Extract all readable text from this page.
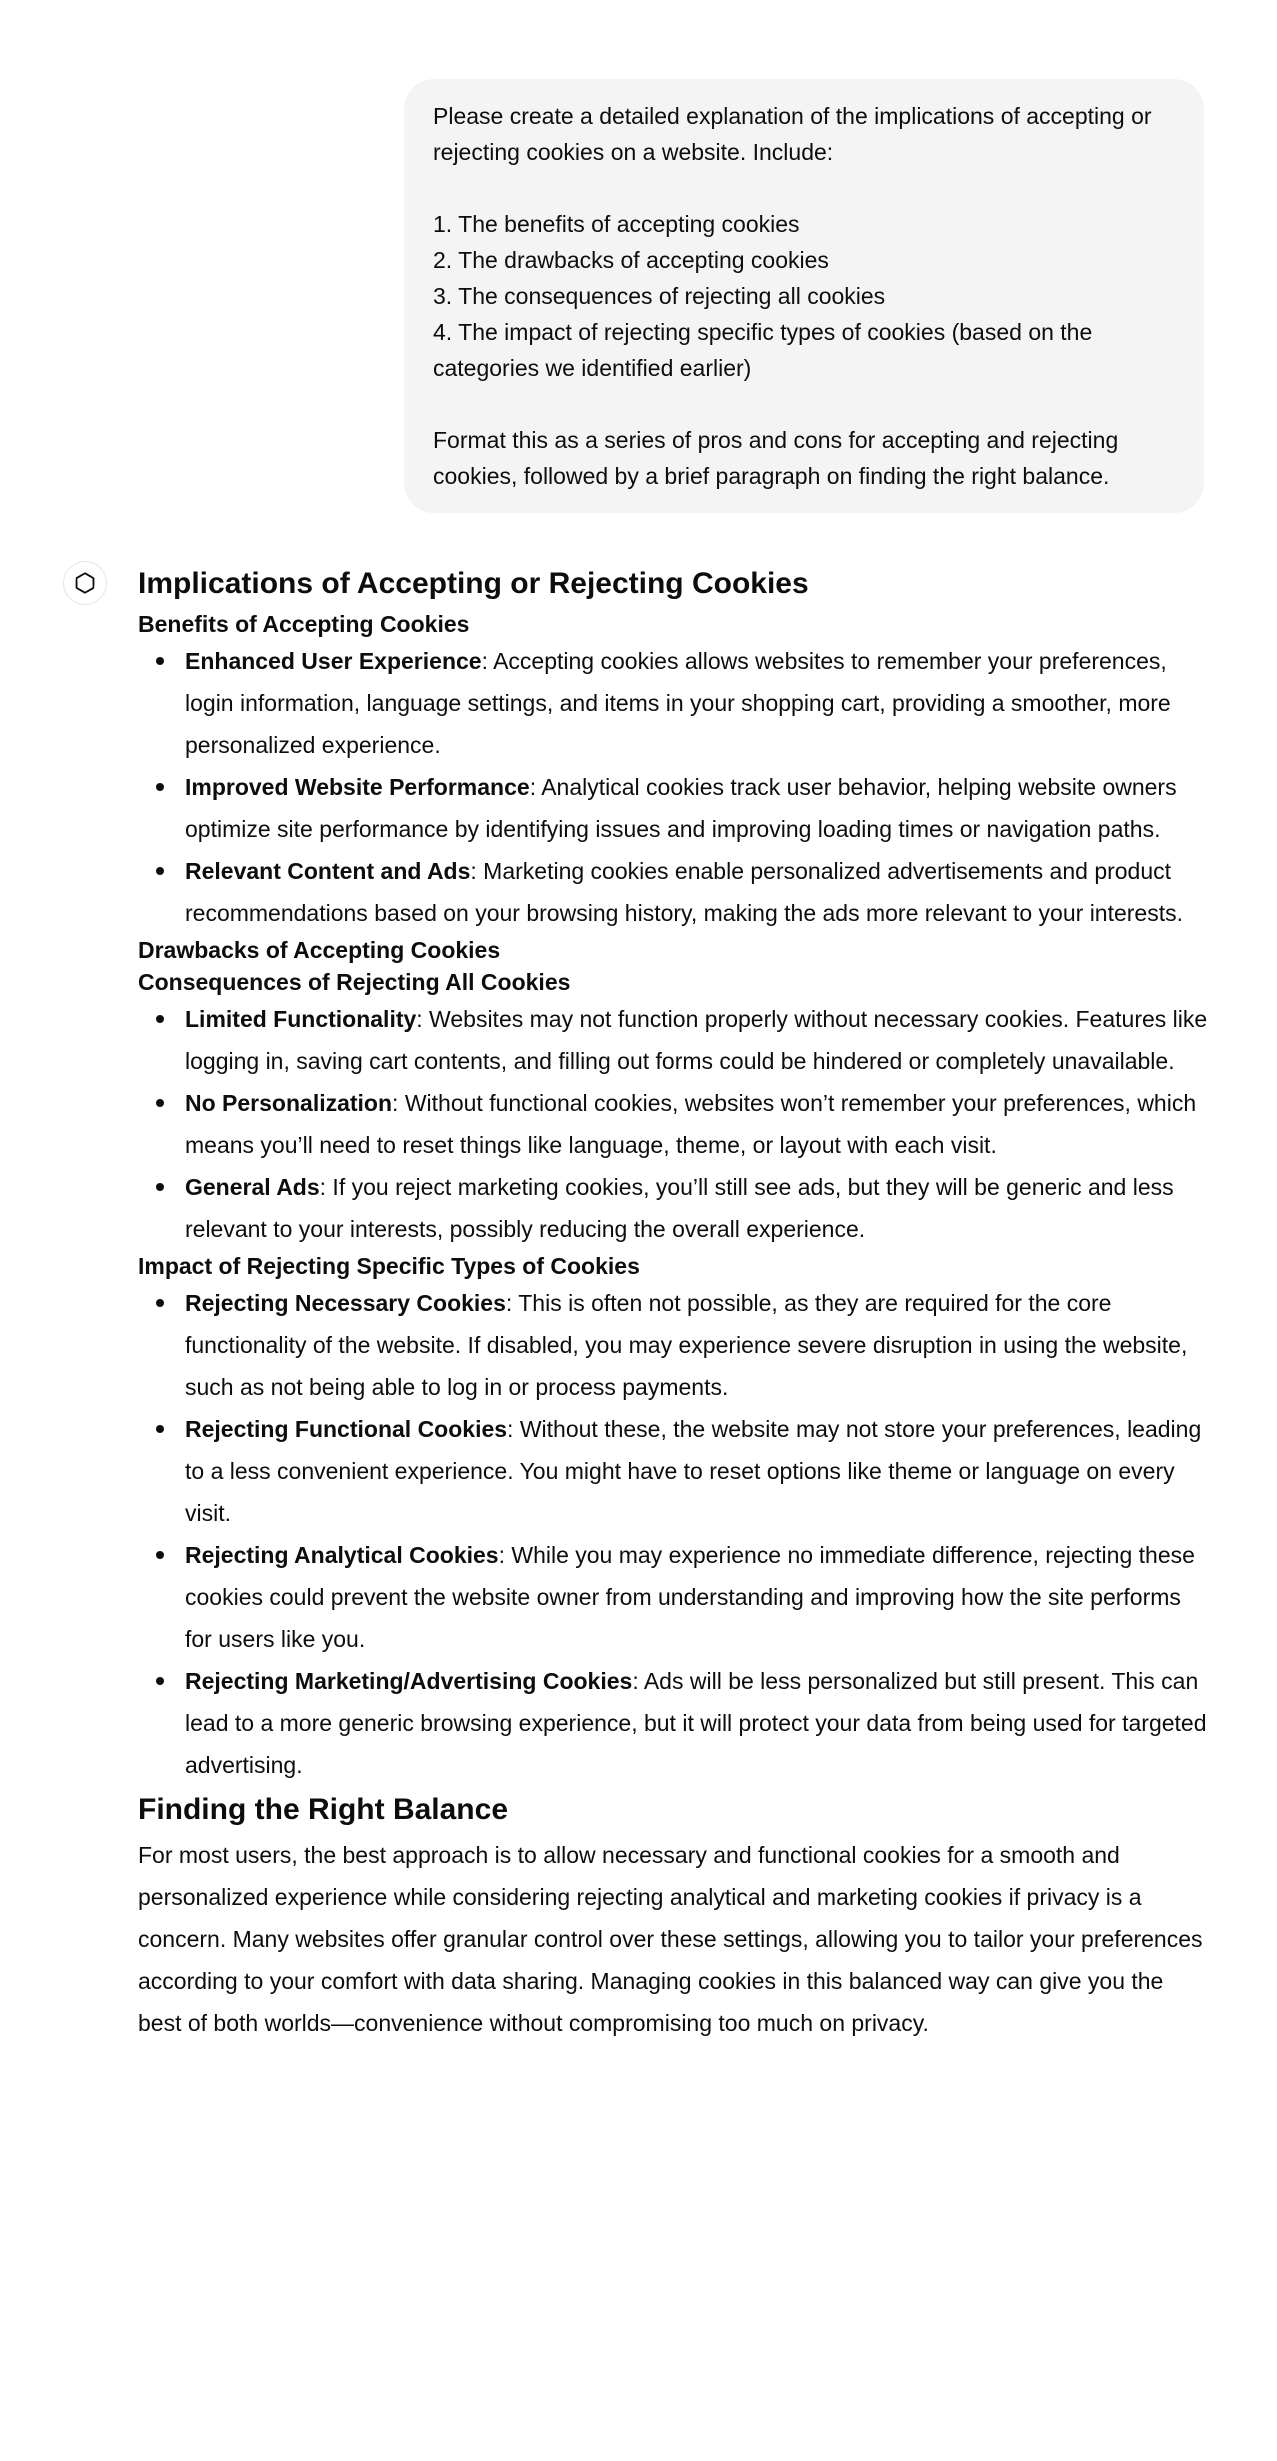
Please create a detailed explanation of the implications of accepting or rejecting cookies on a website. Include:

1. The benefits of accepting cookies

2. The drawbacks of accepting cookies

3. The consequences of rejecting all cookies

4. The impact of rejecting specific types of cookies (based on the categories we identified earlier)

Format this as a series of pros and cons for accepting and rejecting cookies, followed by a brief paragraph on finding the right balance.

Implications of Accepting or Rejecting Cookies
Benefits of Accepting Cookies
Enhanced User Experience: Accepting cookies allows websites to remember your preferences, login information, language settings, and items in your shopping cart, providing a smoother, more personalized experience.
Improved Website Performance: Analytical cookies track user behavior, helping website owners optimize site performance by identifying issues and improving loading times or navigation paths.
Relevant Content and Ads: Marketing cookies enable personalized advertisements and product recommendations based on your browsing history, making the ads more relevant to your interests.
Drawbacks of Accepting Cookies
Consequences of Rejecting All Cookies
Limited Functionality: Websites may not function properly without necessary cookies. Features like logging in, saving cart contents, and filling out forms could be hindered or completely unavailable.
No Personalization: Without functional cookies, websites won’t remember your preferences, which means you’ll need to reset things like language, theme, or layout with each visit.
General Ads: If you reject marketing cookies, you’ll still see ads, but they will be generic and less relevant to your interests, possibly reducing the overall experience.
Impact of Rejecting Specific Types of Cookies
Rejecting Necessary Cookies: This is often not possible, as they are required for the core functionality of the website. If disabled, you may experience severe disruption in using the website, such as not being able to log in or process payments.
Rejecting Functional Cookies: Without these, the website may not store your preferences, leading to a less convenient experience. You might have to reset options like theme or language on every visit.
Rejecting Analytical Cookies: While you may experience no immediate difference, rejecting these cookies could prevent the website owner from understanding and improving how the site performs for users like you.
Rejecting Marketing/Advertising Cookies: Ads will be less personalized but still present. This can lead to a more generic browsing experience, but it will protect your data from being used for targeted advertising.
Finding the Right Balance

For most users, the best approach is to allow necessary and functional cookies for a smooth and personalized experience while considering rejecting analytical and marketing cookies if privacy is a concern. Many websites offer granular control over these settings, allowing you to tailor your preferences according to your comfort with data sharing. Managing cookies in this balanced way can give you the best of both worlds—convenience without compromising too much on privacy.
